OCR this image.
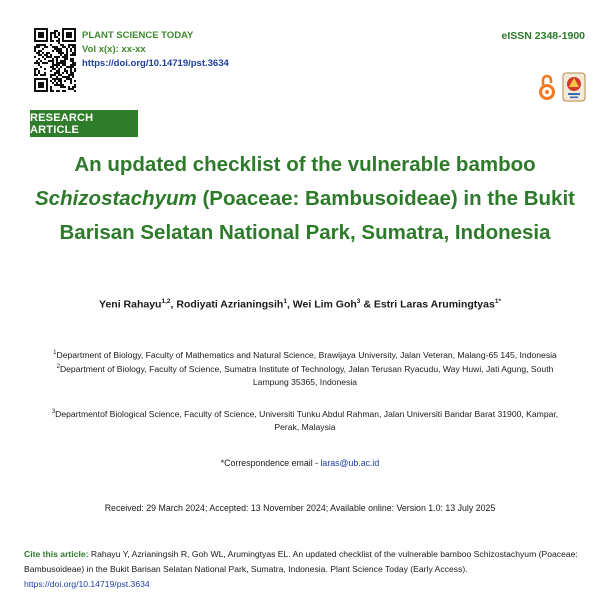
PLANT SCIENCE TODAY
Vol x(x): xx-xx
https://doi.org/10.14719/pst.3634
eISSN 2348-1900
RESEARCH ARTICLE
An updated checklist of the vulnerable bamboo Schizostachyum (Poaceae: Bambusoideae) in the Bukit Barisan Selatan National Park, Sumatra, Indonesia
Yeni Rahayu$^{1,2}$, Rodiyati Azrianingsih$^1$, Wei Lim Goh$^3$ & Estri Laras Arumingtyas$^{1*}$
$^1$Department of Biology, Faculty of Mathematics and Natural Science, Brawijaya University, Jalan Veteran, Malang-65 145, Indonesia
$^2$Department of Biology, Faculty of Science, Sumatra Institute of Technology, Jalan Terusan Ryacudu, Way Huwi, Jati Agung, South Lampung 35365, Indonesia
$^3$Departmentof Biological Science, Faculty of Science, Universiti Tunku Abdul Rahman, Jalan Universiti Bandar Barat 31900, Kampar, Perak, Malaysia
*Correspondence email - laras@ub.ac.id
Received: 29 March 2024; Accepted: 13 November 2024; Available online: Version 1.0: 13 July 2025
Cite this article: Rahayu Y, Azrianingsih R, Goh WL, Arumingtyas EL. An updated checklist of the vulnerable bamboo Schizostachyum (Poaceae: Bambusoideae) in the Bukit Barisan Selatan National Park, Sumatra, Indonesia. Plant Science Today (Early Access). https://doi.org/10.14719/pst.3634
